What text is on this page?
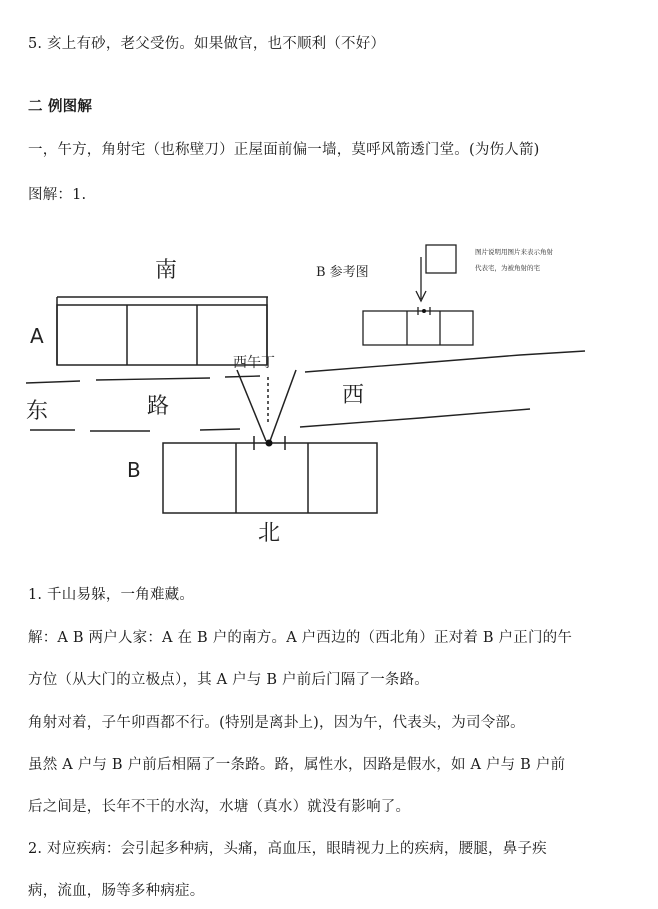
5. 亥上有砂，老父受伤。如果做官，也不顺利（不好）
二 例图解
一，午方，角射宅（也称壁刀）正屋面前偏一墙，莫呼风箭透门堂。(为伤人箭)
图解：1.
南
东	路	西
北
A
B
西午丁
B 参考图
图片说明用图片来表示角射
代表宅，为被角射的宅
1. 千山易躲，一角难藏。
解：A B 两户人家：A 在 B 户的南方。A 户西边的（西北角）正对着 B 户正门的午
方位（从大门的立极点），其 A 户与 B 户前后门隔了一条路。
角射对着，子午卯酉都不行。(特别是离卦上)，因为午，代表头，为司令部。
虽然 A 户与 B 户前后相隔了一条路。路，属性水，因路是假水，如 A 户与 B 户前
后之间是，长年不干的水沟，水塘（真水）就没有影响了。
2. 对应疾病：会引起多种病，头痛，高血压，眼睛视力上的疾病，腰腿，鼻子疾
病，流血，肠等多种病症。
